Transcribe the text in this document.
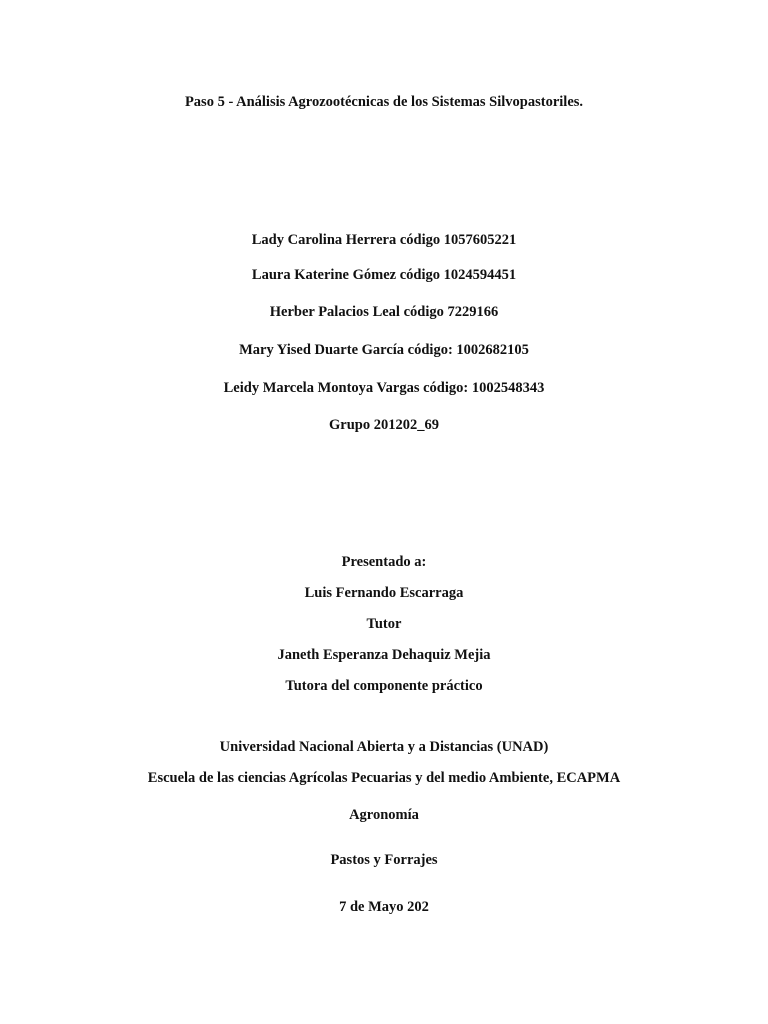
Paso 5 - Análisis Agrozootécnicas de los Sistemas Silvopastoriles.
Lady Carolina Herrera código 1057605221
Laura Katerine Gómez código 1024594451
Herber Palacios Leal código 7229166
Mary Yised Duarte García código: 1002682105
Leidy Marcela Montoya Vargas código: 1002548343
Grupo 201202_69
Presentado a:
Luis Fernando Escarraga
Tutor
Janeth Esperanza Dehaquiz Mejia
Tutora del componente práctico
Universidad Nacional Abierta y a Distancias (UNAD)
Escuela de las ciencias Agrícolas Pecuarias y del medio Ambiente, ECAPMA
Agronomía
Pastos y Forrajes
7 de Mayo 202
